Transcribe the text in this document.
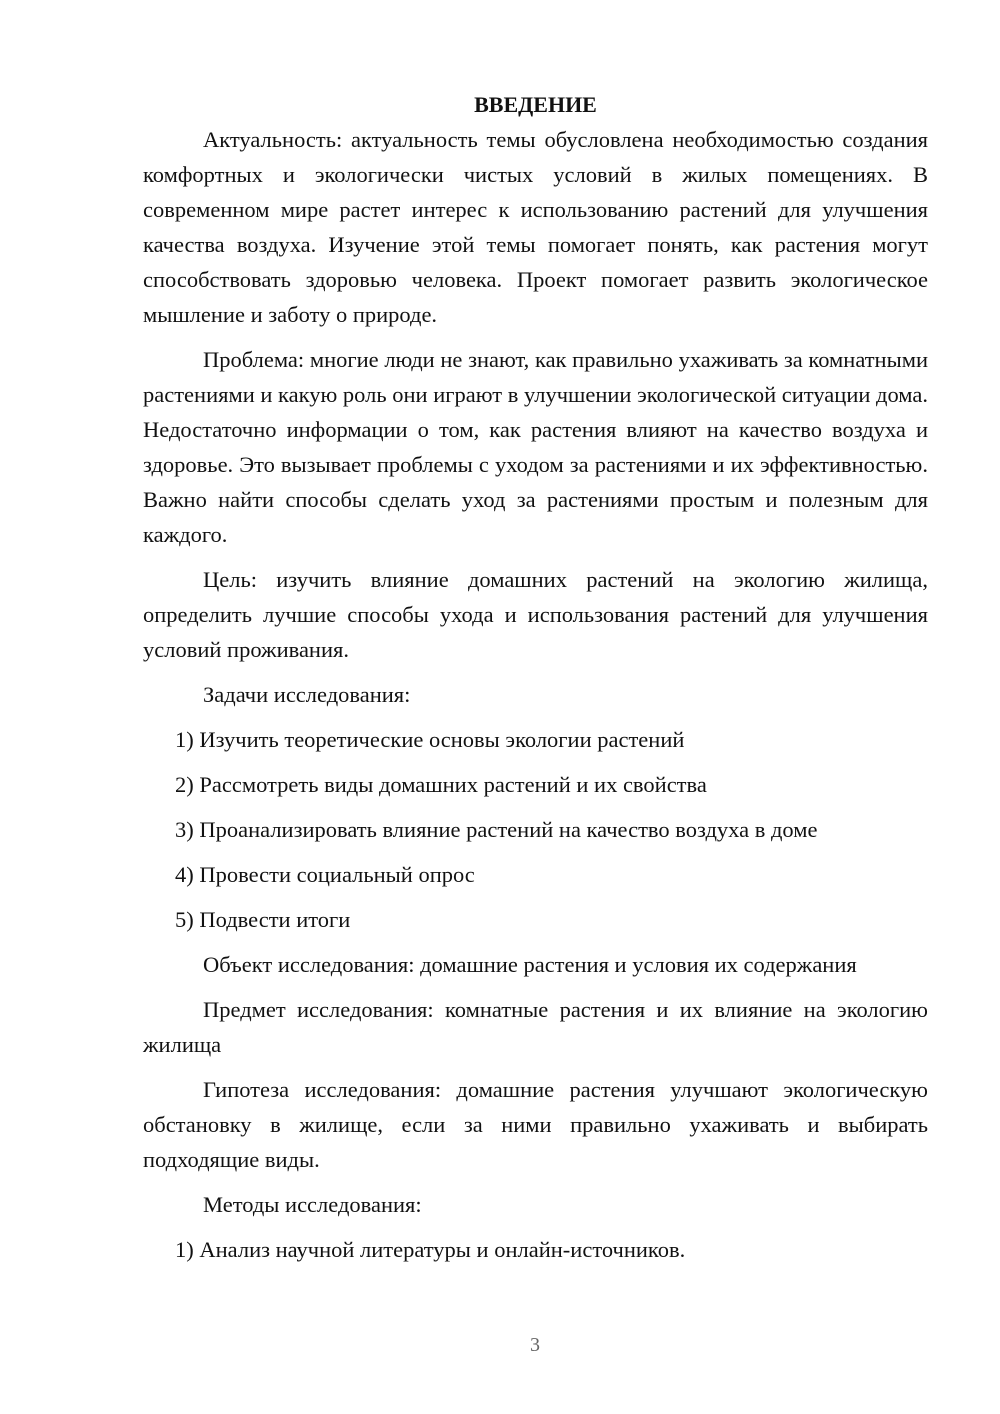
ВВЕДЕНИЕ

Актуальность: актуальность темы обусловлена необходимостью создания комфортных и экологически чистых условий в жилых помещениях. В современном мире растет интерес к использованию растений для улучшения качества воздуха. Изучение этой темы помогает понять, как растения могут способствовать здоровью человека. Проект помогает развить экологическое мышление и заботу о природе.

Проблема: многие люди не знают, как правильно ухаживать за комнатными растениями и какую роль они играют в улучшении экологической ситуации дома. Недостаточно информации о том, как растения влияют на качество воздуха и здоровье. Это вызывает проблемы с уходом за растениями и их эффективностью. Важно найти способы сделать уход за растениями простым и полезным для каждого.

Цель: изучить влияние домашних растений на экологию жилища, определить лучшие способы ухода и использования растений для улучшения условий проживания.

Задачи исследования:

1) Изучить теоретические основы экологии растений

2) Рассмотреть виды домашних растений и их свойства

3) Проанализировать влияние растений на качество воздуха в доме

4) Провести социальный опрос

5) Подвести итоги

Объект исследования: домашние растения и условия их содержания

Предмет исследования: комнатные растения и их влияние на экологию жилища

Гипотеза исследования: домашние растения улучшают экологическую обстановку в жилище, если за ними правильно ухаживать и выбирать подходящие виды.

Методы исследования:

1) Анализ научной литературы и онлайн-источников.

3
